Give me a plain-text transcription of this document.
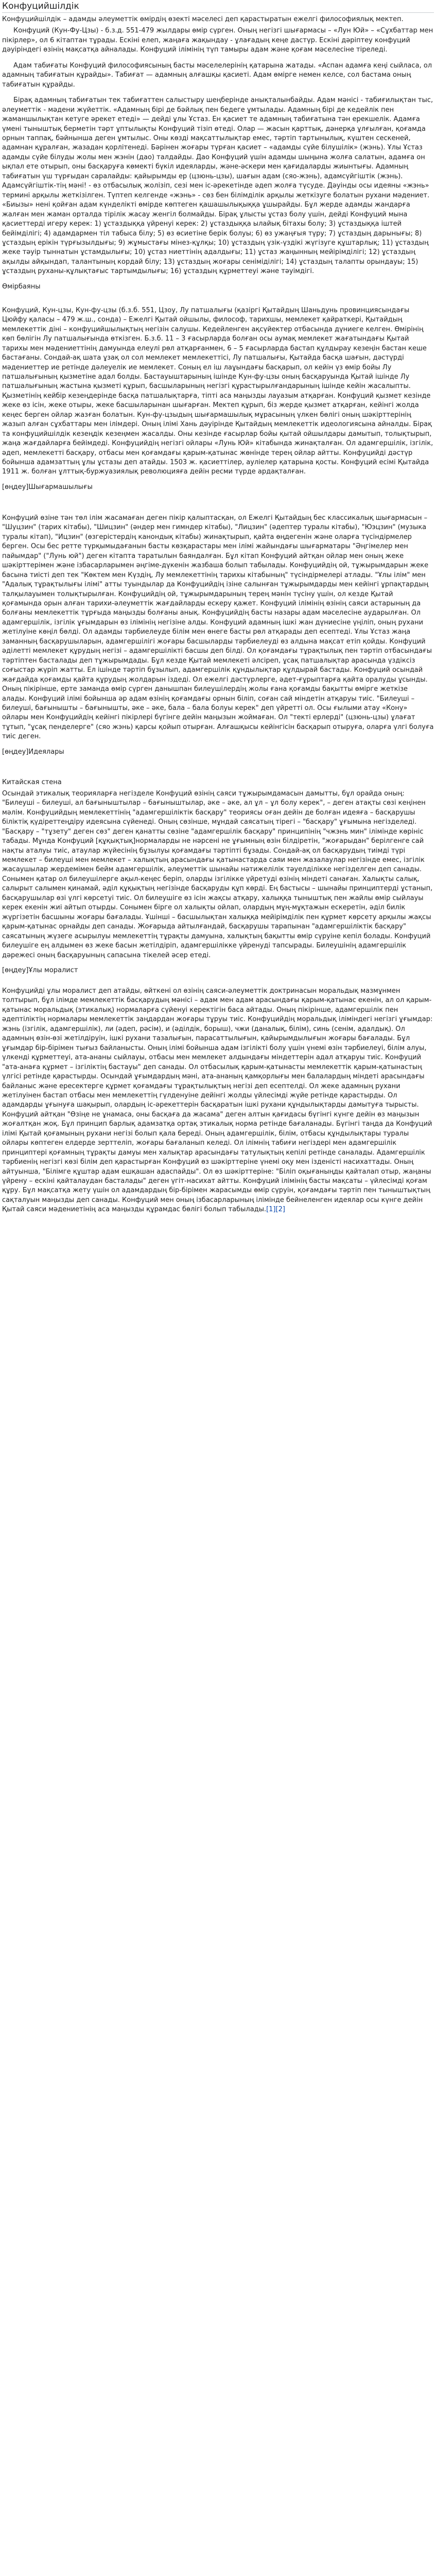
Конфуцийшілдік

Конфуцийшілдік – адамды әлеуметтік өмірдің өзекті мәселесі деп қарастыратын ежелгі философиялық мектеп.

Конфуций (Кун-Фу-Цзы) - б.з.д. 551-479 жылдары өмір сүрген. Оның негізгі шығармасы – «Лун Юй» – «Сұхбаттар мен пікірлер», ол 6 кітаптан тұрады. Ескіні елеп, жаңаға жақындау - ұлағадың кеңе дастүр. Ескіні дәріптеу конфуций дәуіріндегі өзінің мақсатқа айналады. Конфуций ілімінің түп тамыры адам және қоғам мәселесіне тіреледі.

Адам табиғаты Конфуций философиясының басты мәселелерінің қатарына жатады. «Аспан адамға кеңі сыйласа, ол адамның табиғатын құрайды». Табиғат — адамның алғашқы қасиеті. Адам өмірге немен келсе, сол бастама оның табиғатын құрайды.

Бірақ адамның табиғатын тек табиғаттен салыстыру шеңберінде анықталынбайды. Адам мәнісі - табиғилықтан тыс, әлеуметтік - мәдени жүйеттік. «Адамның бірі де бәйлық пен бедеге ұмтылады. Адамның бірі де кедейлік пен жаманшылықтан кетуге әрекет етеді» — дейді ұлы Ұстаз. Ен қасиет те адамның табиғатына тән ерекшелік. Адамға үмені тыныштық берметін тәрт ұптылықты Конфуций тізіп өтеді. Олар — жасын қарттық, дәнерқа ұлғылған, қоғамда орнын таппақ, бәйнынша деген ұмтылыс. Оны көзді мақсаттылықтар емес, тәртіп тартынылық, күштен сескеней, адамнан құралған, жазадан қорлітенеді. Бәрінен жоғары түрған қасиет – «адамды сүйе білушілік» (жэнь). Ұлы Ұстаз адамды сүйе білуды жолы мен жэнін (дао) талдайды. Дао Конфуций үшін адамды шыңына жолға салатын, адамға он ықпал ете отырып, оны басқаруға көмекті бүкіл идеяларды, және-әскери мен қағидаларды жиынтығы. Адамның табиғатын үш түрғыдан саралайды: қайырымды ер (цзюнь-цзы), шағын адам (сяо-жэнь), адамсүйгіштік (жэнь). Адамсүйгіштік-тің мәні! - өз отбасылық жолізіп, сезі мен іс-әрекетінде әдеп жолға түсуде. Дәуінды осы идеяны «жэнь» термині арқылы жеткізілген. Түптеп келгенде «жэнь» - сөз бен білімділік арқылы жеткізуге болатын рухани мәдениет. «Биызы» нені қойған адам күнделікті өмірде көптеген қашашылықыққа ұшырайды. Бұл жерде адамды жандарға жалған мен жаман орталда тірілік жасау женгіл болмайды. Бірақ ұлысты ұстаз болу үшін, дейді Конфуций мына қасиеттерді игеру керек: 1) ұстаздыққа үйренуі керек: 2) ұстаздыққа ылайық бітахы болу; 3) ұстаздыққа іштей бейімділігі; 4) адамдармен тіл табыса білу; 5) өз өсиетіне берік болуы; 6) өз ужаңғыя түру; 7) ұстаздың дарынығы; 8) ұстаздың ерікін түрғызылдығы; 9) жұмыстағы мінез-құлқы; 10) ұстаздың үзік-үздікі жүгізуге құштарлық; 11) ұстаздың жеке тәуір тыннатын ұстамдылығы; 10) ұстаз ниеттінің адалдығы; 11) ұстаз жаңынның мейірімділігі; 12) ұстаздың ақылды айқындап, талантының кордай білу; 13) ұстаздың жоғары сеніміділігі; 14) ұстаздың талапты орындауы; 15) ұстаздың руханы-құлықтағыс тартымдылығы; 16) ұстаздың құрметтеуі және тәуімдігі.

Өмірбаяны

Конфуций, Кун-цзы, Кун-фу-цзы (б.з.б. 551, Цзоу, Лу патшалығы (қазіргі Қытайдың Шаньдунь провинциясындағы Цюйфу қаласы – 479 ж.ш., сонда) – Ежелгі Қытай ойшылы, философ, тарихшы, мемлекет қайраткері, Қытайдың мемлекеттік діні – конфуцийшылықтың негізін салушы. Кедейленген ақсүйектер отбасында дүниеге келген. Өмірінің көп бөлігін Лу патшалығында өткізген. Б.з.б. 11 – 3 ғасырларда болған осы аумақ мемлекет жағатындағы Қытай тарихы мен мәдениеттінің дамуында елеулі рөл атқарғанмен, 6 – 5 ғасырларда бастап құлдырау кезеңін бастан кеше бастағаны. Сондай-ақ шата ұзақ ол сол мемлекет мемлекеттісі, Лу патшалығы, Қытайда басқа шағын, дәстүрді мәдениеттер ие ретінде дәлеуелік ие мемлекет. Соның ел іш лаұындағы басқарып, ол кейін үз өмір бойы Лу патшалығының қызметіне адал болды. Бастауыштарының ішінде Кун-фу-цзы оның басқаруында Қытай ішінде Лу патшалығының жастына қызметі құрып, басшыларының негізгі құрастырылғандарының ішінде кейін жасалыпты. Қызметінің кейбір кезеңдерінде басқа патшалықтарға, тіпті аса маңызды лауазым атқарған. Конфуций қызмет кезінде жеке өз ісін, жеке отыры, жеке басшыларынан шығарған. Мектеп құрып, біз жерде қызмет атқарған, кейінгі жолда кеңес берген ойлар жазған болатын. Кун-фу-цзыдың шығармашылық мұрасының үлкен бөлігі оның шәкірттерінің жазып алған сұхбаттары мен ілімдері. Оның ілімі Хань дәуірінде Қытайдың мемлекеттік идеологиясына айналды. Бірақ та конфуцийшілдік кезеңдік кезеңмен жасалды. Оны кезінде ғасырлар бойы қытай ойшылдары дамытып, толықтырып, жаңа жағдайларға бейімдеді. Конфуцийдің негізгі ойлары «Лунь Юй» кітабында жинақталған. Ол адамгершілік, ізгілік, әдеп, мемлекетті басқару, отбасы мен қоғамдағы қарым-қатынас жөнінде терең ойлар айтты. Конфуцийді дәстүр бойынша адамзаттың ұлы ұстазы деп атайды. 1503 ж. қасиеттілер, ауліелер қатарына қосты. Конфуций есімі Қытайда 1911 ж. болған ұлттық-буржуазиялық революцияға дейін ресми түрде ардақталған.

[өңдеу]Шығармашылығы

Конфуций өзіне тән төл ілім жасамаған деген пікір қалыптасқан, ол Ежелгі Қытайдың бес классикалық шығармасын – "Шуцзин" (тарих кітабы), "Шицзин" (әндер мен гимндер кітабы), "Лицзин" (әдептер туралы кітабы), "Юэцзин" (музыка туралы кітап), "Ицзин" (өзгерістердің канондық кітабы) жинақтырып, қайта өңдегенін және оларға түсіндірмелер берген. Осы бес ретте түрқымыдағанын басты көзқарастары мен ілімі жайындағы шығарматары "Әңгімелер мен пайымдар" ("Лунь юй") деген кітапта таратылын баяндалған. Бұл кітап Конфуций айтқан ойлар мен оның жеке шәкірттерімен және ізбасарларымен әңгіме-дүкенін жазбаша болып табылады. Конфуцийдің ой, тұжырымдарын жеке басына тиісті деп тек "Көктем мен Күздің, Лу мемлекеттінің тарихы кітабының" түсіндірмелері атлады. "Ұлы ілім" мен "Адалық тұрақтылығы ілімі" атты туындылар да Конфуцийдің ізіне салынған тұжырымдарды мен кейінгі ұрпақтардың талқылауымен толықтырылған. Конфуцийдің ой, тұжырымдарының терең мәнін түсіну үшін, ол кезде Қытай қоғамында орын алған тарихи-әлеуметтік жағдайларды ескеру қажет. Конфуций ілімінің өзінің саяси астарының да болғаны мемлекеттік тұрғыда маңызды болғаны анық. Конфуцийдің басты назары адам мәселесіне аударылған. Ол адамгершілік, ізгілік ұғымдарын өз ілімінің негізіне алды. Конфуций адамның ішкі жан дүниесіне үңіліп, оның рухани жетілуіне көңіл бөлді. Ол адамды тәрбиелеуде білім мен өнеге басты рөл атқарады деп есептеді. Ұлы Ұстаз жаңа заманның басқарушыларын, адамгершілігі жоғары басшыларды тәрбиелеуді өз алдына мақсат етіп қойды. Конфуций әділетті мемлекет құрудың негізі – адамгершілікті басшы деп білді. Ол қоғамдағы тұрақтылық пен тәртіп отбасындағы тәртіптен басталады деп тұжырымдады. Бұл кезде Қытай мемлекеті әлсіреп, ұсақ патшалықтар арасында үздіксіз соғыстар жүріп жатты. Ел ішінде тәртіп бұзылып, адамгершілік құндылықтар құлдырай бастады. Конфуций осындай жағдайда қоғамды қайта құрудың жолдарын іздеді. Ол ежелгі дәстүрлерге, әдет-ғұрыптарға қайта оралуды ұсынды. Оның пікірінше, ерте заманда өмір сүрген данышпан билеушілердің жолы ғана қоғамды бақытты өмірге жеткізе алады. Конфуций ілімі бойынша әр адам өзінің қоғамдағы орнын біліп, соған сай міндетін атқаруы тиіс. "Билеуші – билеуші, бағынышты – бағынышты, әке – әке, бала – бала болуы керек" деп үйретті ол. Осы ғылыми атау «Кону» ойлары мен Конфуцийдің кейінгі пікірлері бүгінге дейін маңызын жоймаған. Ол "текті ерлерді" (цзюнь-цзы) ұлағат тұтып, "ұсақ пенделерге" (сяо жэнь) қарсы қойып отырған. Алғашқысы кейінгісін басқарып отыруға, оларға үлгі болуға тиіс деген.

[өңдеу]Идеялары
Китайская стена

Осындай этикалық теорияларға негізделе Конфуций өзінің саяси тұжырымдамасын дамытты, бұл орайда оның: "Билеуші – билеуші, ал бағыныштылар – бағыныштылар, әке – әке, ал ұл – ұл болу керек", – деген атақты сөзі кеңінен мәлім. Конфуцийдың мемлекеттінің "адамгершіліктік басқару" теориясы оған дейін де болған идеяға – басқарушы біліктіқ қүдіреттеңдіру идеясына сүйенеді. Оның сөзінше, мұндай саясатың тірегі – "басқару" ұғымына негізделеді. "Басқару – "тұзету" деген сөз" деген қанатты сөзіне "адамгершілік басқару" принципінің "чжэнь мин" ілімінде көрініс табады. Мұнда Конфуций [құқықтық]нормаларды не нәрсені не ұғымның өзін білдіретін, "жоғарыдан" берілгенге сай нақты аталуы тиіс, атаулар жүйесінің бұзылуы қоғамдағы тәртіпті бұзады. Сондай-ақ ол басқарудың тиімді түрі мемлекет – билеуші мен мемлекет – халықтың арасындағы қатынастарда саяи мен жазалаулар негізінде емес, ізгілік жасаушылар жердемімен бейм адамгершілік, әлеуметтік шынайы нәтижелілік тәуелділікке негізделген деп санады. Сонымен қатар ол билеушілерге ақыл-кеңес беріп, оларды ізгілікке үйретуді өзінің міндеті санаған. Халықты салық, салырыт салымен қинамай, әділ құқықтың негізінде басқаруды құп көрді. Ең бастысы – шынайы принциптерді ұстанып, басқарушылар өзі үлгі көрсетуі тиіс. Ол билеушіге өз ісін жақсы атқару, халыққа тыныштық пен жайлы өмір сыйлауы керек екенін жиі айтып отырды. Сонымен бірге ол халықты ойлап, олардың мұң-мұқтажын ескеретін, әділ билік жүргізетін басшыны жоғары бағалады. Ұшінші – басшылықтан халыққа мейірімділік пен құрмет көрсету арқылы жақсы қарым-қатынас орнайды деп санады. Жоғарыда айтылғандай, басқарушы тарапынан "адамгершіліктік басқару" саясатының жүзеге асырылуы мемлекеттің тұрақты дамуына, халықтың бақытты өмір сүруіне кепіл болады. Конфуций билеушіге ең алдымен өз жеке басын жетілдіріп, адамгершілікке үйренуді тапсырады. Билеушінің адамгершілік дәрежесі оның басқаруының сапасына тікелей әсер етеді.

[өңдеу]Ұлы моралист

Конфуцийді ұлы моралист деп атайды, өйткені ол өзінің саяси-әлеуметтік доктринасын моральдық мазмұнмен толтырып, бұл ілімде мемлекеттік басқарудың мәнісі – адам мен адам арасындағы қарым-қатынас екенін, ал ол қарым-қатынас моральдық (этикалық) нормаларға сүйенуі керектігін баса айтады. Оның пікірінше, адамгершілік пен әдептіліктің нормалары мемлекеттік заңдардан жоғары тұруы тиіс. Конфуцийдің моральдық іліміндегі негізгі ұғымдар: жэнь (ізгілік, адамгершілік), ли (әдеп, рәсім), и (әділдік, борыш), чжи (даналық, білім), синь (сенім, адалдық). Ол адамның өзін-өзі жетілдіруін, ішкі рухани тазалығын, парасаттылығын, қайырымдылығын жоғары бағалады. Бұл ұғымдар бір-бірімен тығыз байланысты. Оның ілімі бойынша адам ізгілікті болу үшін үнемі өзін тәрбиелеуі, білім алуы, үлкенді құрметтеуі, ата-ананы сыйлауы, отбасы мен мемлекет алдындағы міндеттерін адал атқаруы тиіс. Конфуций "ата-анаға құрмет – ізгіліктің бастауы" деп санады. Ол отбасылық қарым-қатынасты мемлекеттік қарым-қатынастың үлгісі ретінде қарастырды. Осындай ұғымдардың мәні, ата-ананың қамқорлығы мен балалардың міндеті арасындағы байланыс және ересектерге құрмет қоғамдағы тұрақтылықтың негізі деп есептелді. Ол жеке адамның рухани жетілуінен бастап отбасы мен мемлекеттің гүлденуіне дейінгі жолды үйлесімді жүйе ретінде қарастырды. Ол адамдарды ұғынуға шақырып, олардың іс-әрекеттерін басқаратын ішкі рухани құндылықтарды дамытуға тырысты. Конфуций айтқан "Өзіңе не ұнамаса, оны басқаға да жасама" деген алтын қағидасы бүгінгі күнге дейін өз маңызын жоғалтқан жоқ. Бұл принцип барлық адамзатқа ортақ этикалық норма ретінде бағаланады. Бүгінгі таңда да Конфуций ілімі Қытай қоғамының рухани негізі болып қала береді. Оның адамгершілік, білім, отбасы құндылықтары туралы ойлары көптеген елдерде зерттеліп, жоғары бағаланып келеді. Ол ілімнің табиғи негіздері мен адамгершілік принциптері қоғамның тұрақты дамуы мен халықтар арасындағы татулықтың кепілі ретінде саналады. Адамгершілік тәрбиенің негізгі көзі білім деп қарастырған Конфуций өз шәкірттеріне үнемі оқу мен ізденісті насихаттады. Оның айтуынша, "Білімге құштар адам ешқашан адаспайды". Ол өз шәкірттеріне: "Біліп оқығаныңды қайталап отыр, жаңаны үйрену – ескіні қайталаудан басталады" деген үгіт-насихат айтты. Конфуций ілімінің басты мақсаты – үйлесімді қоғам құру. Бұл мақсатқа жету үшін ол адамдардың бір-бірімен жарасымды өмір сүруін, қоғамдағы тәртіп пен тыныштықтың сақталуын маңызды деп санады. Конфуций мен оның ізбасарларының ілімінде бейнеленген идеялар осы күнге дейін Қытай саяси мәдениетінің аса маңызды құрамдас бөлігі болып табылады.[1][2]
